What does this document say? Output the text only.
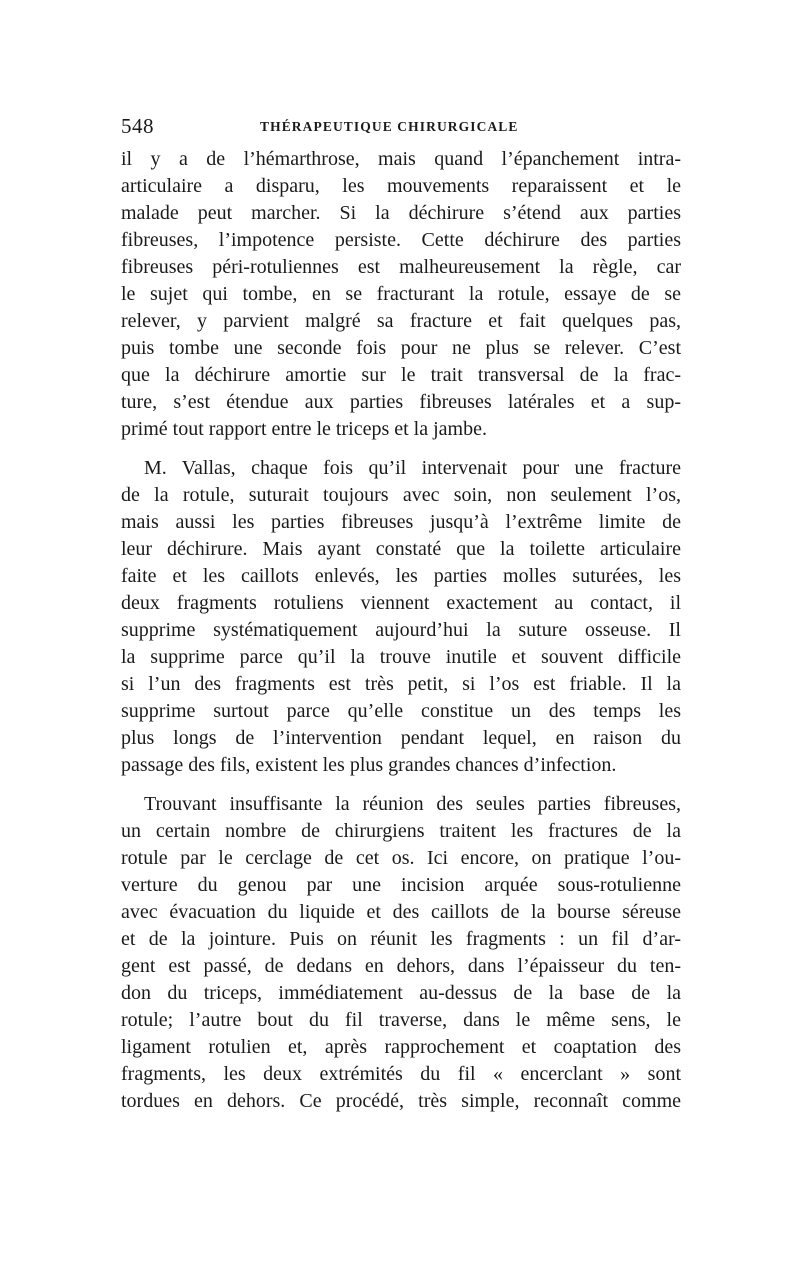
548	THÉRAPEUTIQUE CHIRURGICALE
il y a de l’hémarthrose, mais quand l’épanchement intra-
articulaire a disparu, les mouvements reparaissent et le
malade peut marcher. Si la déchirure s’étend aux parties
fibreuses, l’impotence persiste. Cette déchirure des parties
fibreuses péri-rotuliennes est malheureusement la règle, car
le sujet qui tombe, en se fracturant la rotule, essaye de se
relever, y parvient malgré sa fracture et fait quelques pas,
puis tombe une seconde fois pour ne plus se relever. C’est
que la déchirure amortie sur le trait transversal de la frac-
ture, s’est étendue aux parties fibreuses latérales et a sup-
primé tout rapport entre le triceps et la jambe.
M. Vallas, chaque fois qu’il intervenait pour une fracture
de la rotule, suturait toujours avec soin, non seulement l’os,
mais aussi les parties fibreuses jusqu’à l’extrême limite de
leur déchirure. Mais ayant constaté que la toilette articulaire
faite et les caillots enlevés, les parties molles suturées, les
deux fragments rotuliens viennent exactement au contact, il
supprime systématiquement aujourd’hui la suture osseuse. Il
la supprime parce qu’il la trouve inutile et souvent difficile
si l’un des fragments est très petit, si l’os est friable. Il la
supprime surtout parce qu’elle constitue un des temps les
plus longs de l’intervention pendant lequel, en raison du
passage des fils, existent les plus grandes chances d’infection.
Trouvant insuffisante la réunion des seules parties fibreuses,
un certain nombre de chirurgiens traitent les fractures de la
rotule par le cerclage de cet os. Ici encore, on pratique l’ou-
verture du genou par une incision arquée sous-rotulienne
avec évacuation du liquide et des caillots de la bourse séreuse
et de la jointure. Puis on réunit les fragments : un fil d’ar-
gent est passé, de dedans en dehors, dans l’épaisseur du ten-
don du triceps, immédiatement au-dessus de la base de la
rotule; l’autre bout du fil traverse, dans le même sens, le
ligament rotulien et, après rapprochement et coaptation des
fragments, les deux extrémités du fil « encerclant » sont
tordues en dehors. Ce procédé, très simple, reconnaît comme
